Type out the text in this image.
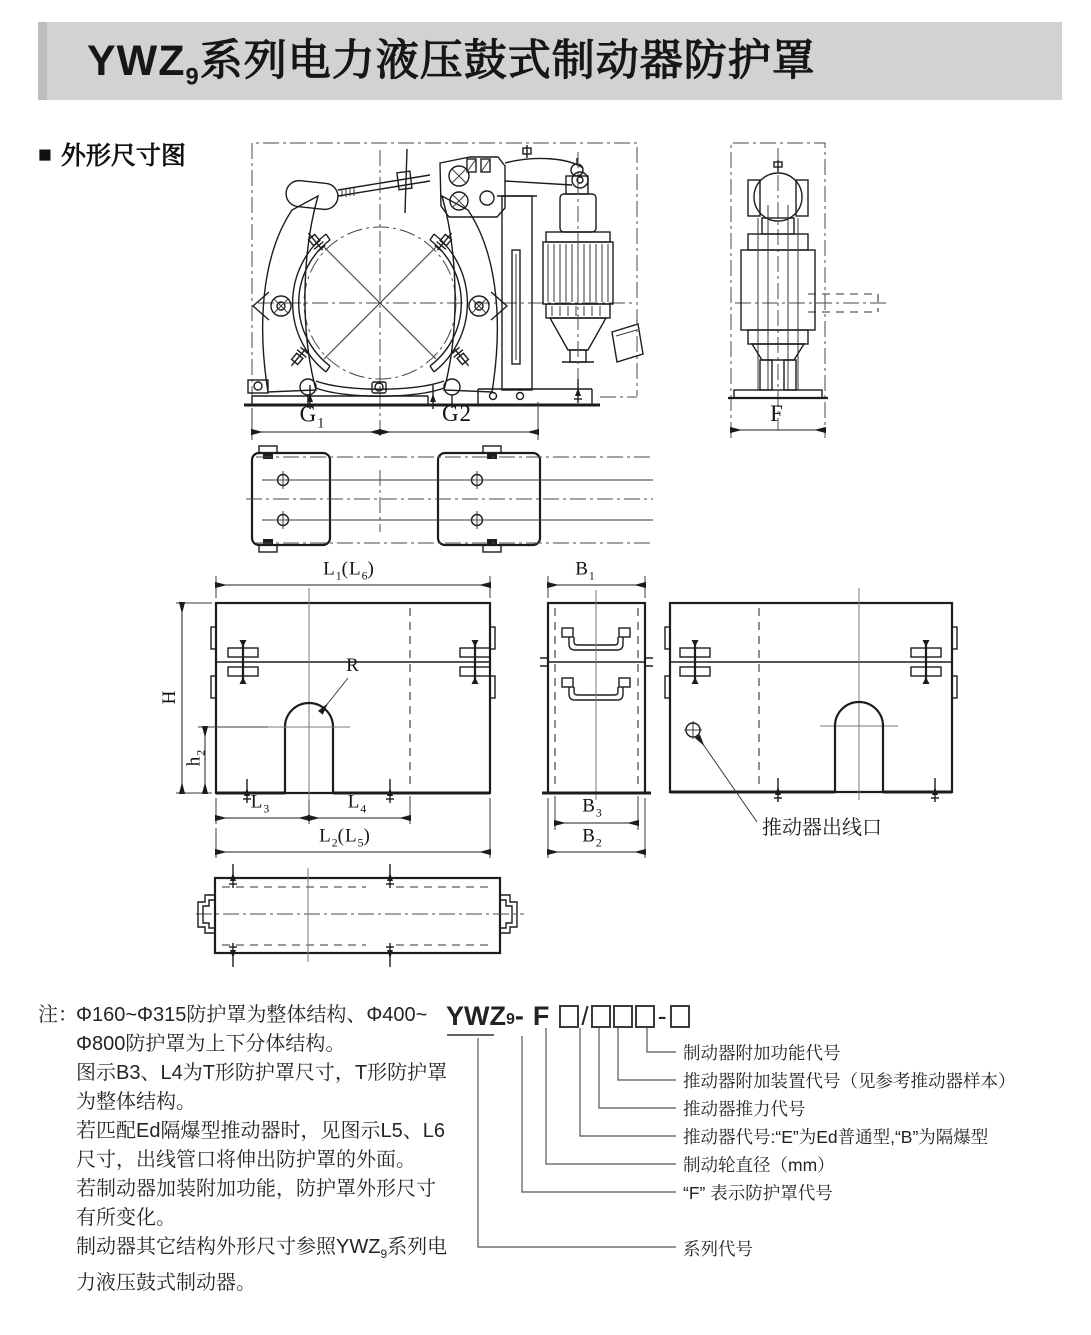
$YWZ_9$系列电力液压鼓式制动器防护罩
■ 外形尺寸图
$G_1$	G2	F
$L_1(L_6)$	$B_1$
H
$h_2$
R
$L_3$	$L_4$
$L_2(L_5)$
$B_3$
$B_2$
推动器出线口
注：
Φ160~Φ315防护罩为整体结构、Φ400~
Φ800防护罩为上下分体结构。
图示B3、L4为T形防护罩尺寸，T形防护罩
为整体结构。
若匹配Ed隔爆型推动器时，见图示L5、L6
尺寸，出线管口将伸出防护罩的外面。
若制动器加装附加功能，防护罩外形尺寸
有所变化。
制动器其它结构外形尺寸参照$YWZ_9$系列电
力液压鼓式制动器。
$YWZ_9$ - F /	-
制动器附加功能代号
推动器附加装置代号（见参考推动器样本）
推动器推力代号
推动器代号:“E”为Ed普通型,“B”为隔爆型
制动轮直径（mm）
“F” 表示防护罩代号
系列代号
